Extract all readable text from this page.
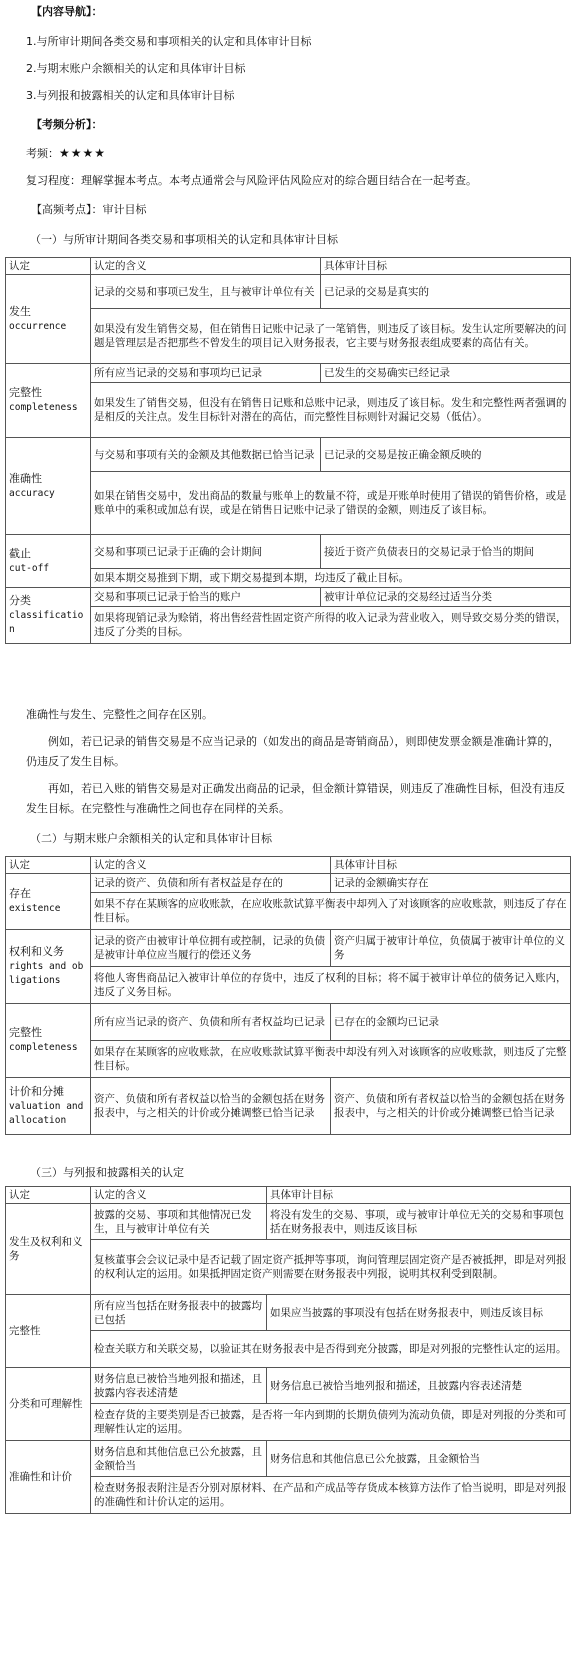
【内容导航】：
1.与所审计期间各类交易和事项相关的认定和具体审计目标
2.与期末账户余额相关的认定和具体审计目标
3.与列报和披露相关的认定和具体审计目标
【考频分析】：
考频：★★★★
复习程度：理解掌握本考点。本考点通常会与风险评估风险应对的综合题目结合在一起考查。
【高频考点】：审计目标
（一）与所审计期间各类交易和事项相关的认定和具体审计目标
认定	认定的含义	具体审计目标
发生
occurrence	记录的交易和事项已发生，且与被审计单位有关	已记录的交易是真实的
	如果没有发生销售交易，但在销售日记账中记录了一笔销售，则违反了该目标。发生认定所要解决的问题是管理层是否把那些不曾发生的项目记入财务报表，它主要与财务报表组成要素的高估有关。	
完整性
completeness	所有应当记录的交易和事项均已记录	已发生的交易确实已经记录
	如果发生了销售交易，但没有在销售日记账和总账中记录，则违反了该目标。发生和完整性两者强调的是相反的关注点。发生目标针对潜在的高估，而完整性目标则针对漏记交易（低估）。	
准确性
accuracy	与交易和事项有关的金额及其他数据已恰当记录	已记录的交易是按正确金额反映的
	如果在销售交易中，发出商品的数量与账单上的数量不符，或是开账单时使用了错误的销售价格，或是账单中的乘积或加总有误，或是在销售日记账中记录了错误的金额，则违反了该目标。	
截止
cut-off	交易和事项已记录于正确的会计期间	接近于资产负债表日的交易记录于恰当的期间
	如果本期交易推到下期，或下期交易提到本期，均违反了截止目标。	
分类
classification	交易和事项已记录于恰当的账户	被审计单位记录的交易经过适当分类
	如果将现销记录为赊销，将出售经营性固定资产所得的收入记录为营业收入，则导致交易分类的错误，违反了分类的目标。	
准确性与发生、完整性之间存在区别。
例如，若已记录的销售交易是不应当记录的（如发出的商品是寄销商品），则即使发票金额是准确计算的，仍违反了发生目标。
再如，若已入账的销售交易是对正确发出商品的记录，但金额计算错误，则违反了准确性目标，但没有违反发生目标。在完整性与准确性之间也存在同样的关系。
（二）与期末账户余额相关的认定和具体审计目标
认定	认定的含义	具体审计目标
存在
existence	记录的资产、负债和所有者权益是存在的	记录的金额确实存在
	如果不存在某顾客的应收账款，在应收账款试算平衡表中却列入了对该顾客的应收账款，则违反了存在性目标。	
权利和义务
rights and obligations	记录的资产由被审计单位拥有或控制，记录的负债是被审计单位应当履行的偿还义务	资产归属于被审计单位，负债属于被审计单位的义务
	将他人寄售商品记入被审计单位的存货中，违反了权利的目标；将不属于被审计单位的债务记入账内，违反了义务目标。	
完整性
completeness	所有应当记录的资产、负债和所有者权益均已记录	已存在的金额均已记录
	如果存在某顾客的应收账款，在应收账款试算平衡表中却没有列入对该顾客的应收账款，则违反了完整性目标。	
计价和分摊
valuation and allocation	资产、负债和所有者权益以恰当的金额包括在财务报表中，与之相关的计价或分摊调整已恰当记录	资产、负债和所有者权益以恰当的金额包括在财务报表中，与之相关的计价或分摊调整已恰当记录
（三）与列报和披露相关的认定
认定	认定的含义	具体审计目标
发生及权利和义务	披露的交易、事项和其他情况已发生，且与被审计单位有关	将没有发生的交易、事项，或与被审计单位无关的交易和事项包括在财务报表中，则违反该目标
	复核董事会会议记录中是否记载了固定资产抵押等事项，询问管理层固定资产是否被抵押，即是对列报的权利认定的运用。如果抵押固定资产则需要在财务报表中列报，说明其权利受到限制。	
完整性	所有应当包括在财务报表中的披露均已包括	如果应当披露的事项没有包括在财务报表中，则违反该目标
	检查关联方和关联交易，以验证其在财务报表中是否得到充分披露，即是对列报的完整性认定的运用。	
分类和可理解性	财务信息已被恰当地列报和描述，且披露内容表述清楚	财务信息已被恰当地列报和描述，且披露内容表述清楚
	检查存货的主要类别是否已披露，是否将一年内到期的长期负债列为流动负债，即是对列报的分类和可理解性认定的运用。	
准确性和计价	财务信息和其他信息已公允披露，且金额恰当	财务信息和其他信息已公允披露，且金额恰当
	检查财务报表附注是否分别对原材料、在产品和产成品等存货成本核算方法作了恰当说明，即是对列报的准确性和计价认定的运用。	
